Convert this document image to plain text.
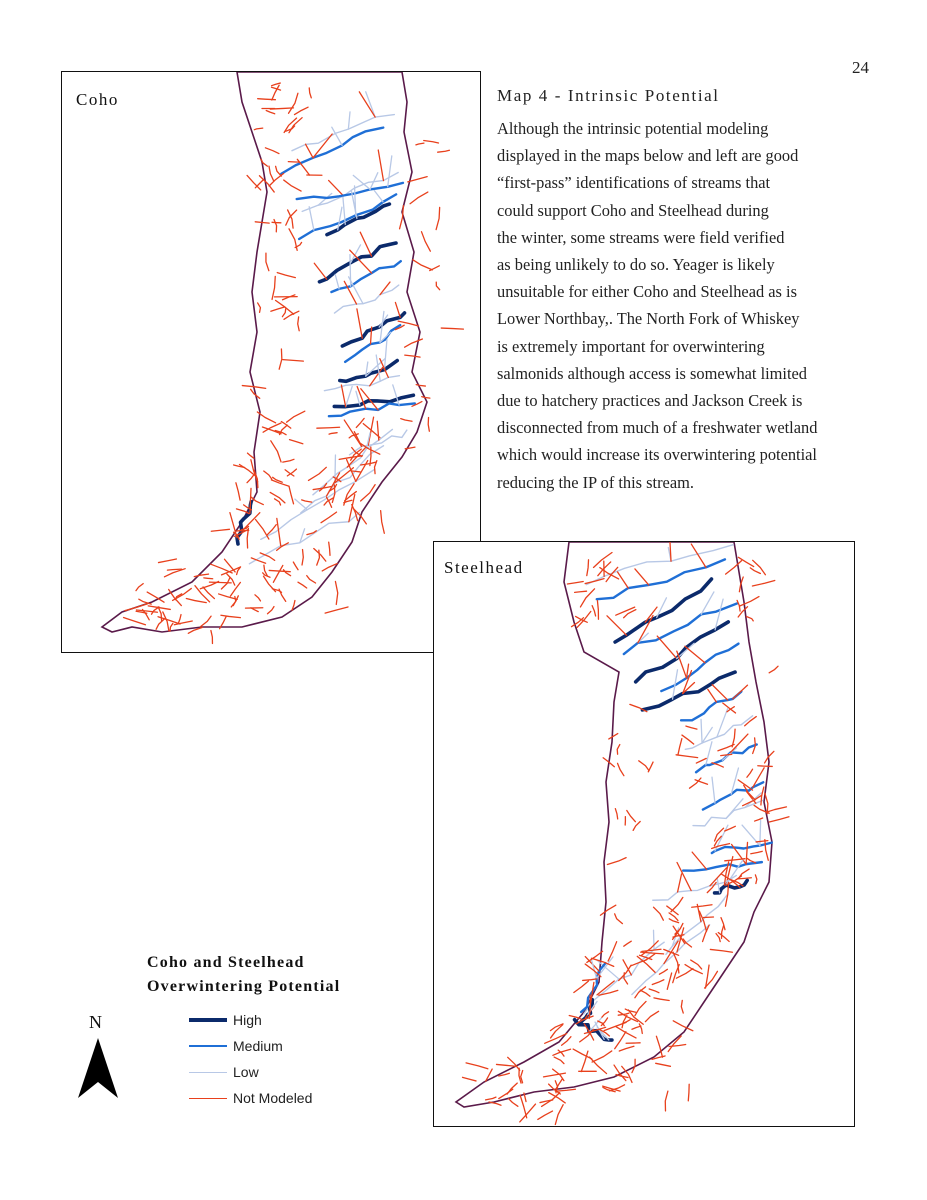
24
Coho	Map 4 - Intrinsic Potential
Although the intrinsic potential modeling
displayed in the maps below and left are good
“first-pass” identifications of streams that
could support Coho and Steelhead during
the winter, some streams were field verified
as being unlikely to do so. Yeager is likely
unsuitable for either Coho and Steelhead as is
Lower Northbay,. The North Fork of Whiskey
is extremely important for overwintering
salmonids although access is somewhat limited
due to hatchery practices and Jackson Creek is
disconnected from much of a freshwater wetland
which would increase its overwintering potential
reducing the IP of this stream.
Steelhead
Coho and Steelhead
Overwintering Potential
High
Medium
Low
Not Modeled
N
